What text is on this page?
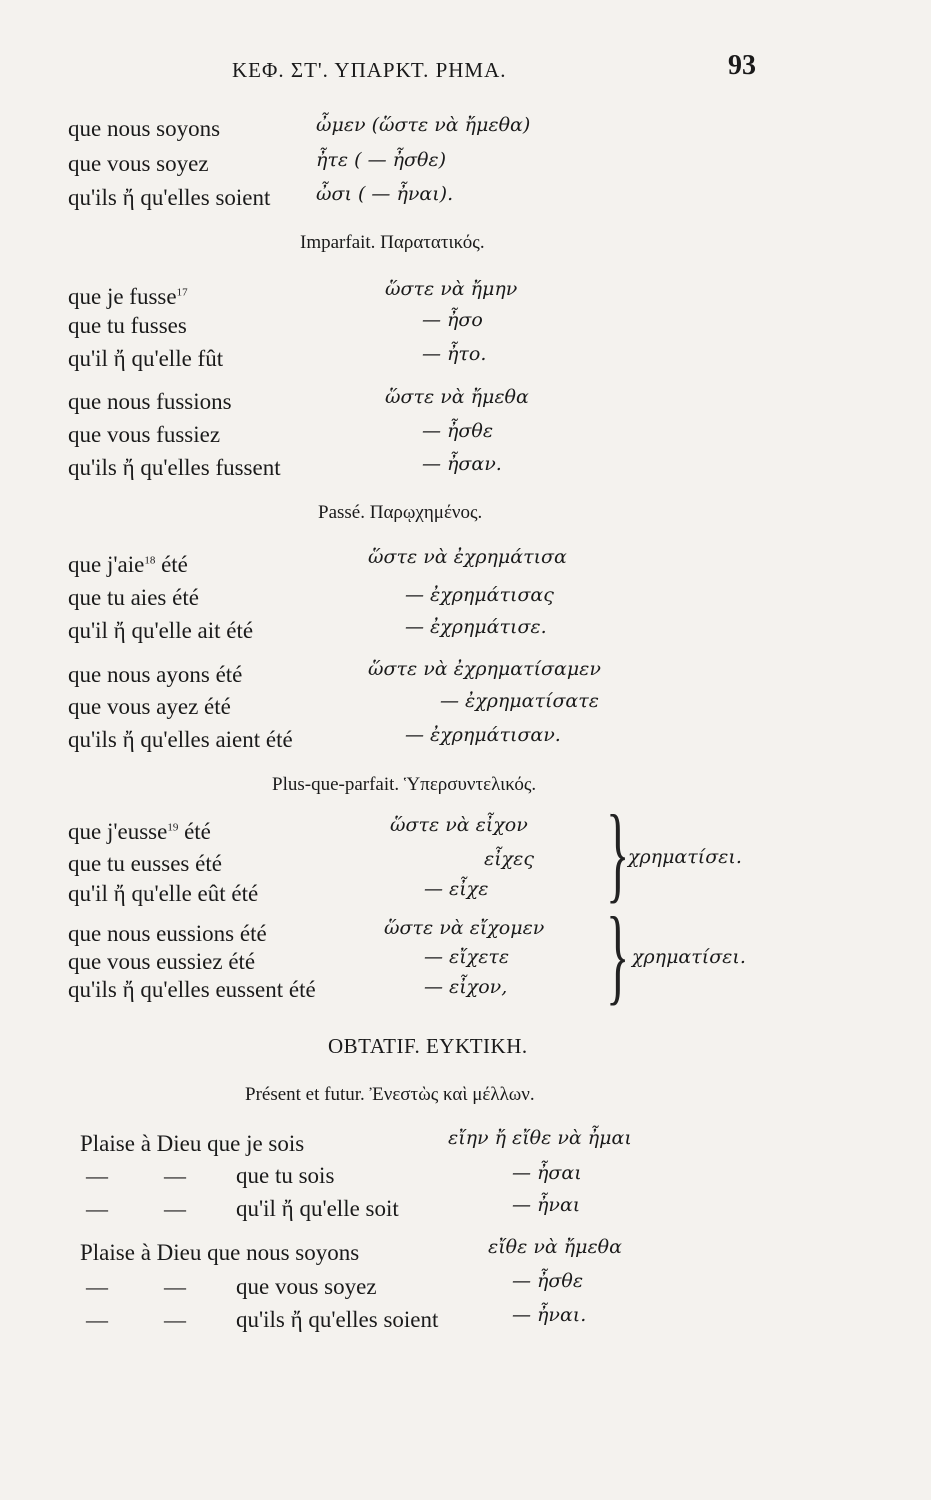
ΚΕΦ. ΣΤ'. ΥΠΑΡΚΤ. ΡΗΜΑ.	93
que nous soyons	ὦμεν (ὥστε νὰ ἤμεθα)
que vous soyez	ἦτε ( — ἦσθε)
qu'ils ἤ qu'elles soient ὦσι ( — ἦναι).
Imparfait. Παρατατικός.
que je fusse$^{17}$	ὥστε νὰ ἤμην
que tu fusses	— ἦσο
qu'il ἤ qu'elle fût	— ἦτο.
que nous fussions	ὥστε νὰ ἤμεθα
que vous fussiez	— ἦσθε
qu'ils ἤ qu'elles fussent	— ἦσαν.
Passé. Παρῳχημένος.
que j'aie$^{18}$ été	ὥστε νὰ ἐχρημάτισα
que tu aies été	— ἐχρημάτισας
qu'il ἤ qu'elle ait été	— ἐχρημάτισε.
que nous ayons été	ὥστε νὰ ἐχρηματίσαμεν
que vous ayez été	— ἐχρηματίσατε
qu'ils ἤ qu'elles aient été	— ἐχρημάτισαν.
Plus-que-parfait. Ὑπερσυντελικός.
que j'eusse$^{19}$ été	ὥστε νὰ εἶχον
que tu eusses été	εἶχες
qu'il ἤ qu'elle eût été	— εἶχε }
χρηματίσει.
que nous eussions été	ὥστε νὰ εἴχομεν
que vous eussiez été	— εἴχετε
qu'ils ἤ qu'elles eussent été	— εἶχον, } χρηματίσει.
OBTATIF. ΕΥΚΤΙΚΗ.
Présent et futur. Ἐνεστὼς καὶ μέλλων.
Plaise à Dieu que je sois	εἴην ἤ εἴθε νὰ ἦμαι
—	— que tu sois	— ἦσαι
—	— qu'il ἤ qu'elle soit	— ἦναι
Plaise à Dieu que nous soyons	εἴθε νὰ ἤμεθα
—	— que vous soyez	— ἦσθε
—	— qu'ils ἤ qu'elles soient	— ἦναι.
